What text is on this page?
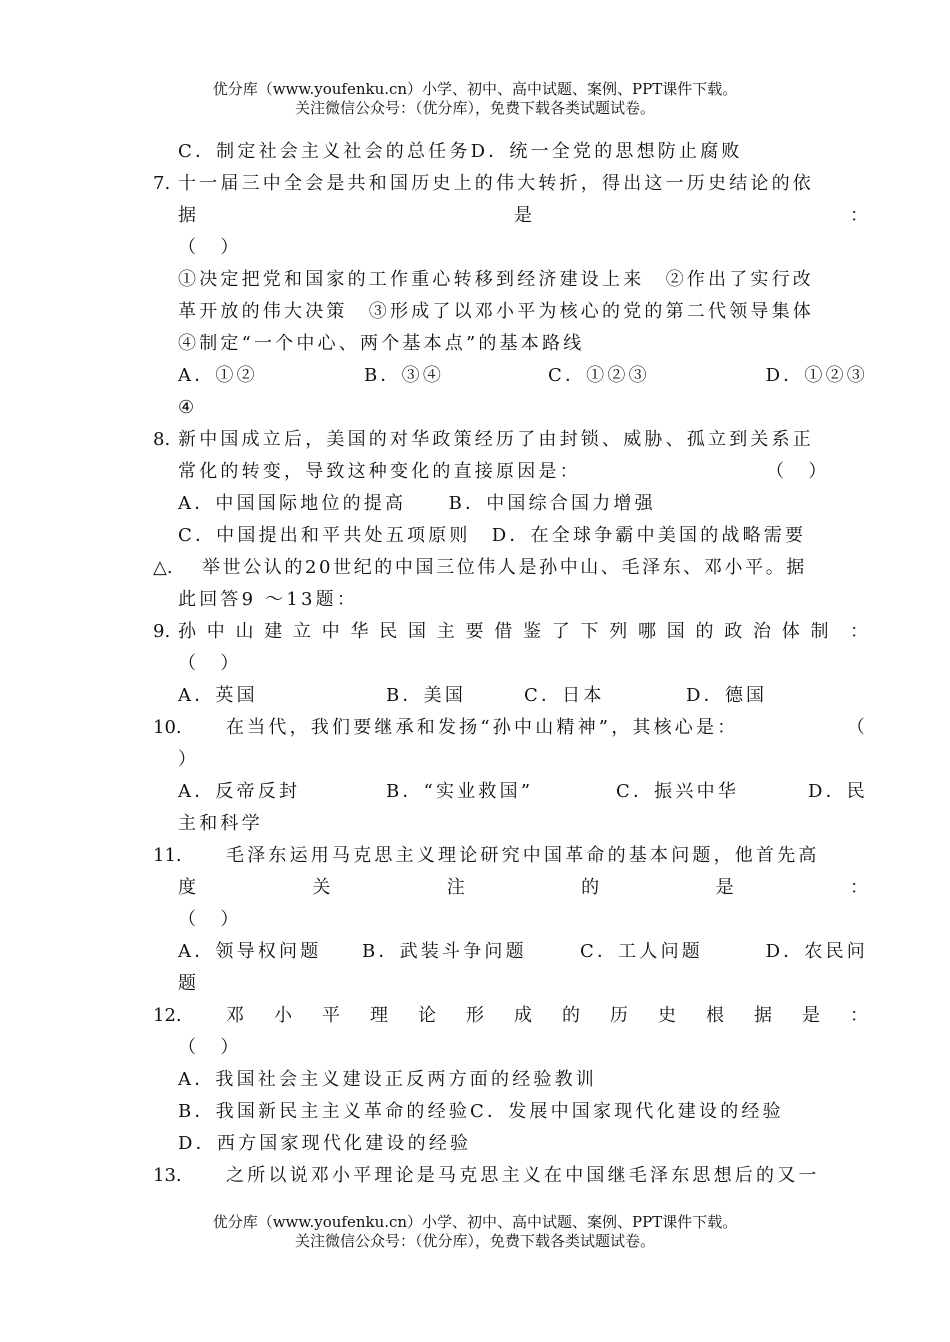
优分库（www.youfenku.cn）小学、初中、高中试题、案例、PPT课件下载。
关注微信公众号：（优分库），免费下载各类试题试卷。
C．制定社会主义社会的总任务D．统一全党的思想防止腐败
7. 十一届三中全会是共和国历史上的伟大转折，得出这一历史结论的依
据	是	：
（　）
①决定把党和国家的工作重心转移到经济建设上来　②作出了实行改
革开放的伟大决策　③形成了以邓小平为核心的党的第二代领导集体
④制定“一个中心、两个基本点”的基本路线
A．①②	B．③④	C．①②③	D．①②③
④
8. 新中国成立后，美国的对华政策经历了由封锁、威胁、孤立到关系正
常化的转变，导致这种变化的直接原因是：	（　）
A．中国国际地位的提高　　B．中国综合国力增强
C．中国提出和平共处五项原则　D．在全球争霸中美国的战略需要
△. 举世公认的20世纪的中国三位伟人是孙中山、毛泽东、邓小平。据
此回答9 ～13题：
9. 孙 中 山 建 立 中 华 民 国 主 要 借 鉴 了 下 列 哪 国 的 政 治 体 制 ：
（　）
A．英国	B．美国	C．日本	D．德国
10. 在当代，我们要继承和发扬“孙中山精神”，其核心是：	（
）
A．反帝反封	B．“实业救国”	C．振兴中华	D．民
主和科学
11. 毛泽东运用马克思主义理论研究中国革命的基本问题，他首先高
度	关	注	的	是	：
（　）
A．领导权问题 B．武装斗争问题	C．工人问题	D．农民问
题
12. 邓 小 平 理 论 形 成 的 历 史 根 据 是 ：
（　）
A．我国社会主义建设正反两方面的经验教训
B．我国新民主主义革命的经验C．发展中国家现代化建设的经验
D．西方国家现代化建设的经验
13. 之所以说邓小平理论是马克思主义在中国继毛泽东思想后的又一
优分库（www.youfenku.cn）小学、初中、高中试题、案例、PPT课件下载。
关注微信公众号：（优分库），免费下载各类试题试卷。
